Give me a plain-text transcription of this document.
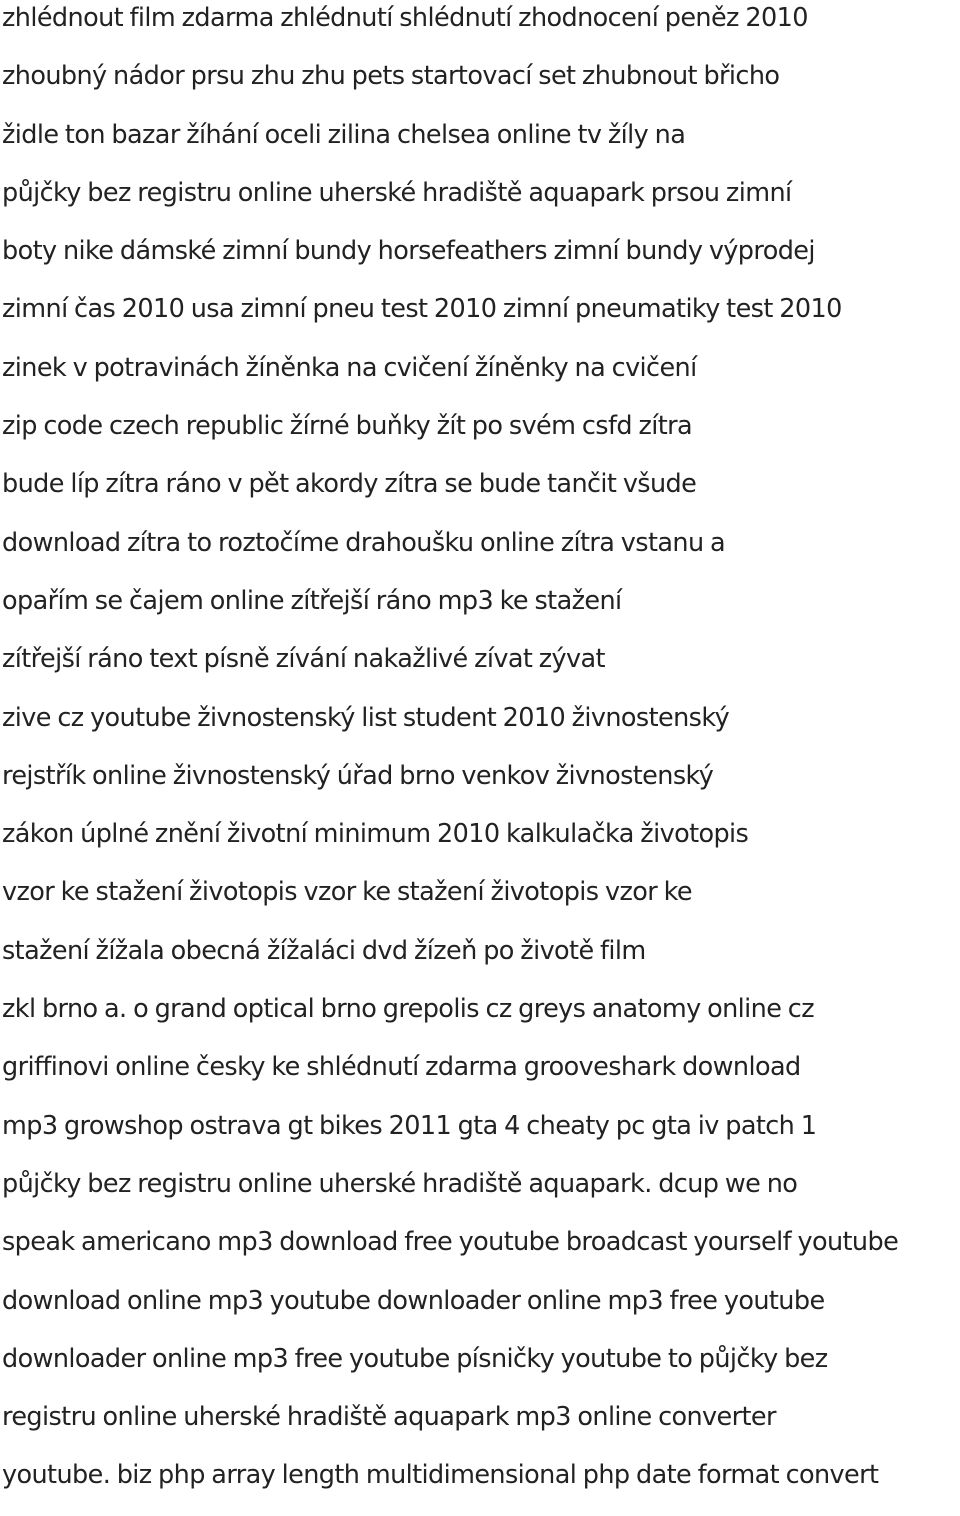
zhlédnout film zdarma zhlédnutí shlédnutí zhodnocení peněz 2010
zhoubný nádor prsu zhu zhu pets startovací set zhubnout břicho
židle ton bazar žíhání oceli zilina chelsea online tv žíly na
půjčky bez registru online uherské hradiště aquapark prsou zimní
boty nike dámské zimní bundy horsefeathers zimní bundy výprodej
zimní čas 2010 usa zimní pneu test 2010 zimní pneumatiky test 2010
zinek v potravinách žíněnka na cvičení žíněnky na cvičení
zip code czech republic žírné buňky žít po svém csfd zítra
bude líp zítra ráno v pět akordy zítra se bude tančit všude
download zítra to roztočíme drahoušku online zítra vstanu a
opařím se čajem online zítřejší ráno mp3 ke stažení
zítřejší ráno text písně zívání nakažlivé zívat zývat
zive cz youtube živnostenský list student 2010 živnostenský
rejstřík online živnostenský úřad brno venkov živnostenský
zákon úplné znění životní minimum 2010 kalkulačka životopis
vzor ke stažení životopis vzor ke stažení životopis vzor ke
stažení žížala obecná žížaláci dvd žízeň po životě film
zkl brno a. o grand optical brno grepolis cz greys anatomy online cz
griffinovi online česky ke shlédnutí zdarma grooveshark download
mp3 growshop ostrava gt bikes 2011 gta 4 cheaty pc gta iv patch 1
půjčky bez registru online uherské hradiště aquapark. dcup we no
speak americano mp3 download free youtube broadcast yourself youtube
download online mp3 youtube downloader online mp3 free youtube
downloader online mp3 free youtube písničky youtube to půjčky bez
registru online uherské hradiště aquapark mp3 online converter
youtube. biz php array length multidimensional php date format convert
